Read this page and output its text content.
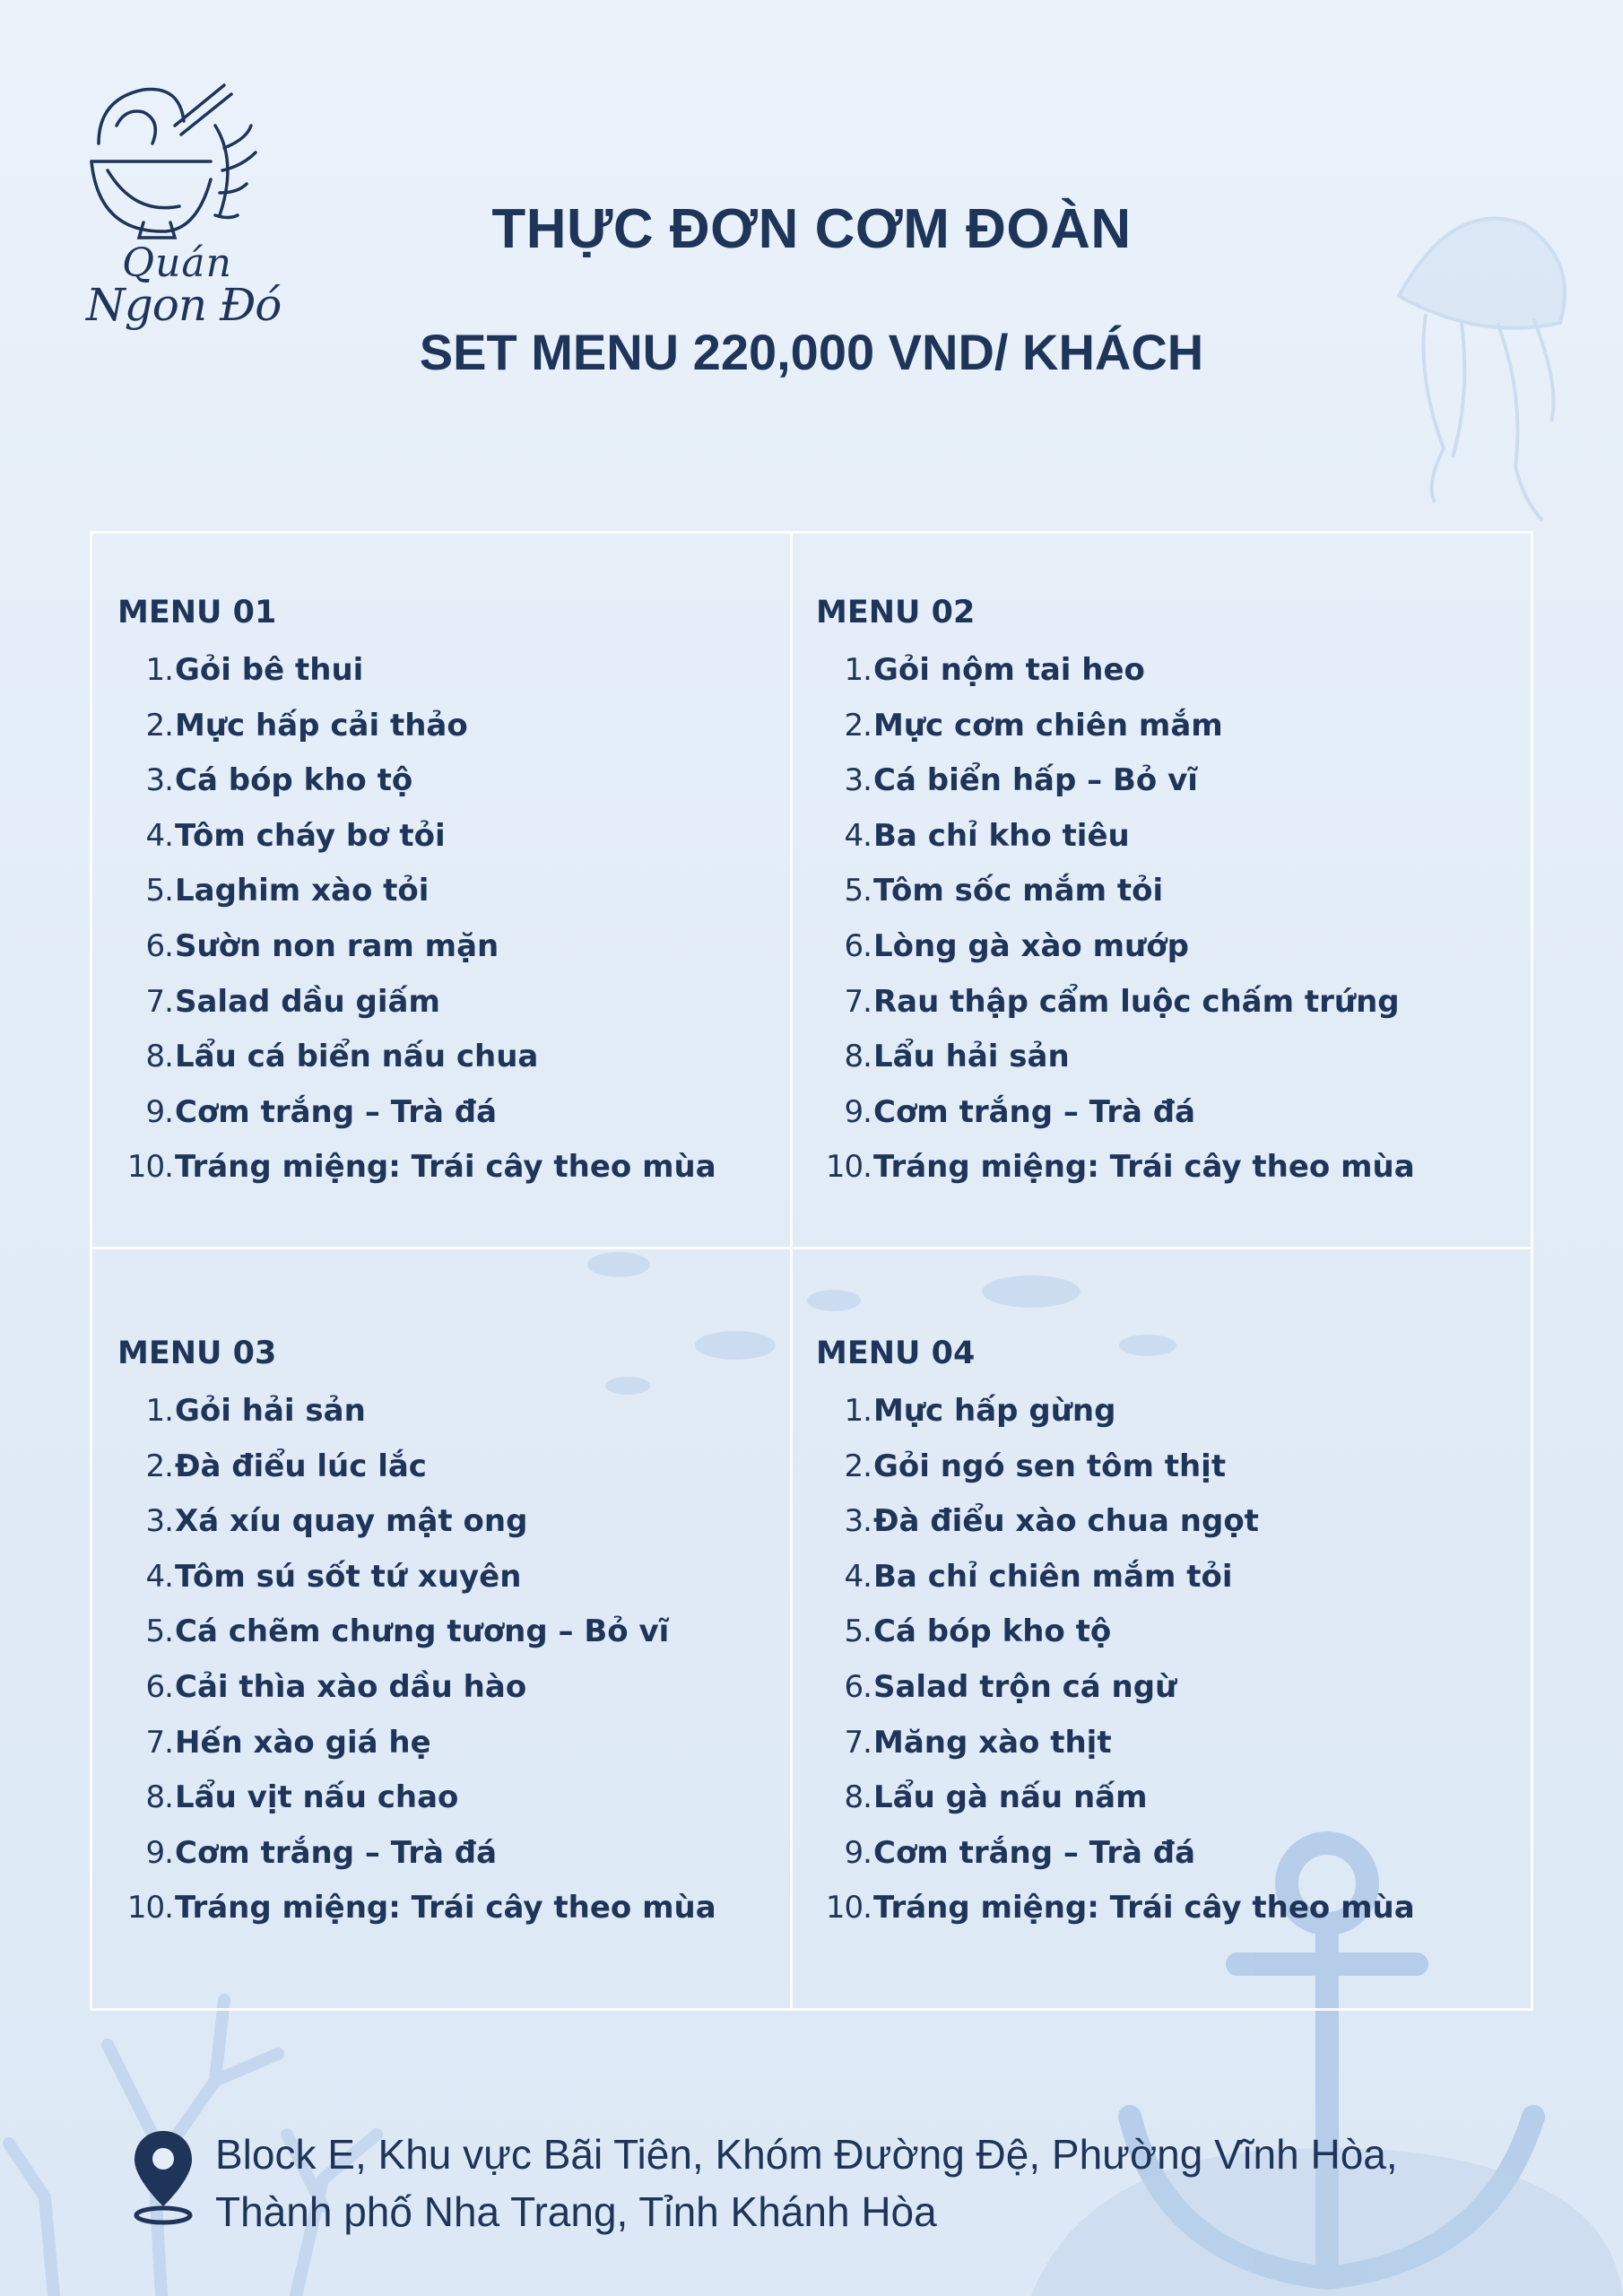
Quán
Ngon Đó
THỰC ĐƠN CƠM ĐOÀN
SET MENU 220,000 VND/ KHÁCH
MENU 01
1. Gỏi bê thui
2. Mực hấp cải thảo
3. Cá bóp kho tộ
4. Tôm cháy bơ tỏi
5. Laghim xào tỏi
6. Sườn non ram mặn
7. Salad dầu giấm
8. Lẩu cá biển nấu chua
9. Cơm trắng – Trà đá
10. Tráng miệng: Trái cây theo mùa
MENU 02
1. Gỏi nộm tai heo
2. Mực cơm chiên mắm
3. Cá biển hấp – Bỏ vĩ
4. Ba chỉ kho tiêu
5. Tôm sốc mắm tỏi
6. Lòng gà xào mướp
7. Rau thập cẩm luộc chấm trứng
8. Lẩu hải sản
9. Cơm trắng – Trà đá
10. Tráng miệng: Trái cây theo mùa
MENU 03
1. Gỏi hải sản
2. Đà điểu lúc lắc
3. Xá xíu quay mật ong
4. Tôm sú sốt tứ xuyên
5. Cá chẽm chưng tương – Bỏ vĩ
6. Cải thìa xào dầu hào
7. Hến xào giá hẹ
8. Lẩu vịt nấu chao
9. Cơm trắng – Trà đá
10. Tráng miệng: Trái cây theo mùa
MENU 04
1. Mực hấp gừng
2. Gỏi ngó sen tôm thịt
3. Đà điểu xào chua ngọt
4. Ba chỉ chiên mắm tỏi
5. Cá bóp kho tộ
6. Salad trộn cá ngừ
7. Măng xào thịt
8. Lẩu gà nấu nấm
9. Cơm trắng – Trà đá
10. Tráng miệng: Trái cây theo mùa
Block E, Khu vực Bãi Tiên, Khóm Đường Đệ, Phường Vĩnh Hòa,
Thành phố Nha Trang, Tỉnh Khánh Hòa
